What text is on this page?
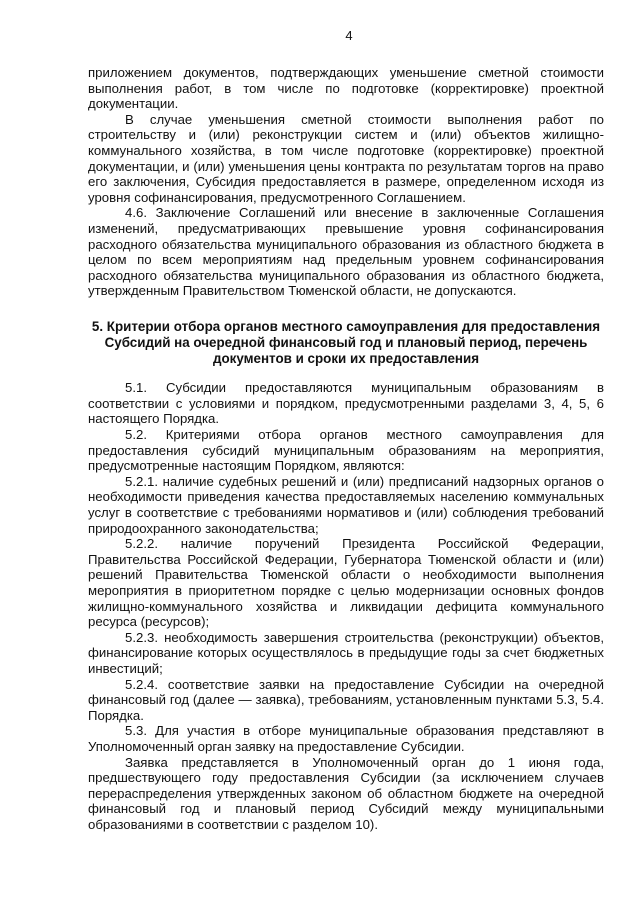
4

приложением документов, подтверждающих уменьшение сметной стоимости выполнения работ, в том числе по подготовке (корректировке) проектной документации.

В случае уменьшения сметной стоимости выполнения работ по строительству и (или) реконструкции систем и (или) объектов жилищно-коммунального хозяйства, в том числе подготовке (корректировке) проектной документации, и (или) уменьшения цены контракта по результатам торгов на право его заключения, Субсидия предоставляется в размере, определенном исходя из уровня софинансирования, предусмотренного Соглашением.

4.6. Заключение Соглашений или внесение в заключенные Соглашения изменений, предусматривающих превышение уровня софинансирования расходного обязательства муниципального образования из областного бюджета в целом по всем мероприятиям над предельным уровнем софинансирования расходного обязательства муниципального образования из областного бюджета, утвержденным Правительством Тюменской области, не допускаются.

5. Критерии отбора органов местного самоуправления для предоставления Субсидий на очередной финансовый год и плановый период, перечень документов и сроки их предоставления

5.1. Субсидии предоставляются муниципальным образованиям в соответствии с условиями и порядком, предусмотренными разделами 3, 4, 5, 6 настоящего Порядка.

5.2. Критериями отбора органов местного самоуправления для предоставления субсидий муниципальным образованиям на мероприятия, предусмотренные настоящим Порядком, являются:

5.2.1. наличие судебных решений и (или) предписаний надзорных органов о необходимости приведения качества предоставляемых населению коммунальных услуг в соответствие с требованиями нормативов и (или) соблюдения требований природоохранного законодательства;

5.2.2. наличие поручений Президента Российской Федерации, Правительства Российской Федерации, Губернатора Тюменской области и (или) решений Правительства Тюменской области о необходимости выполнения мероприятия в приоритетном порядке с целью модернизации основных фондов жилищно-коммунального хозяйства и ликвидации дефицита коммунального ресурса (ресурсов);

5.2.3. необходимость завершения строительства (реконструкции) объектов, финансирование которых осуществлялось в предыдущие годы за счет бюджетных инвестиций;

5.2.4. соответствие заявки на предоставление Субсидии на очередной финансовый год (далее — заявка), требованиям, установленным пунктами 5.3, 5.4. Порядка.

5.3. Для участия в отборе муниципальные образования представляют в Уполномоченный орган заявку на предоставление Субсидии.

Заявка представляется в Уполномоченный орган до 1 июня года, предшествующего году предоставления Субсидии (за исключением случаев перераспределения утвержденных законом об областном бюджете на очередной финансовый год и плановый период Субсидий между муниципальными образованиями в соответствии с разделом 10).
